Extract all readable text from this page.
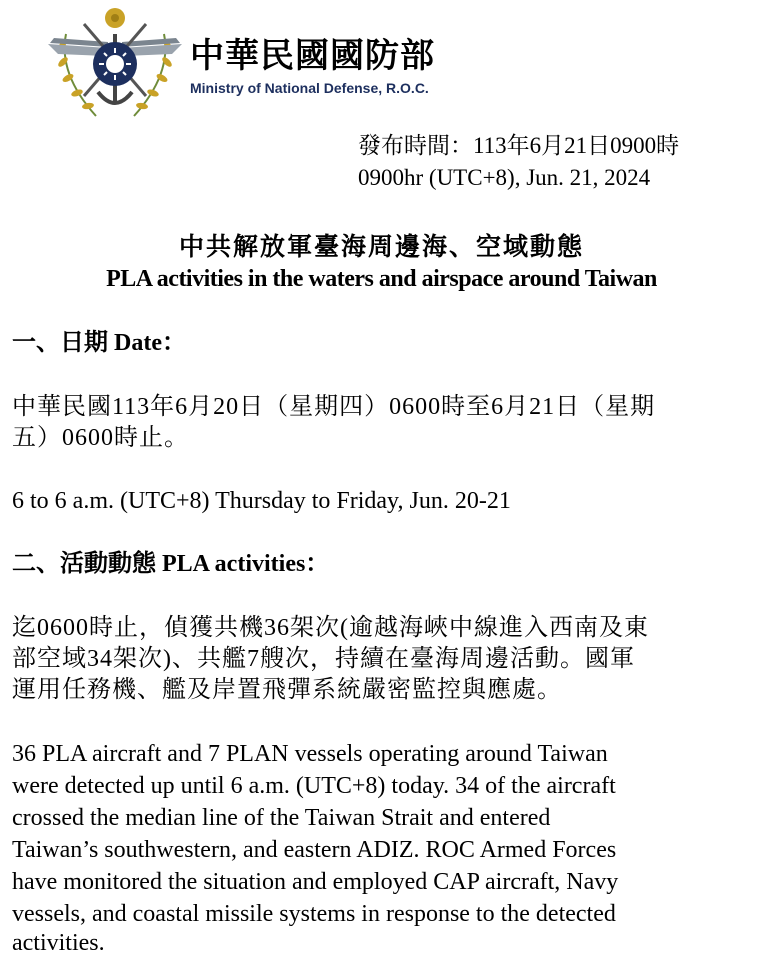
中華民國國防部
Ministry of National Defense, R.O.C.
發布時間：113年6月21日0900時
0900hr (UTC+8), Jun. 21, 2024
中共解放軍臺海周邊海、空域動態
PLA activities in the waters and airspace around Taiwan
一、日期 Date：
中華民國113年6月20日（星期四）0600時至6月21日（星期
五）0600時止。
6 to 6 a.m. (UTC+8) Thursday to Friday, Jun. 20-21
二、活動動態 PLA activities：
迄0600時止，偵獲共機36架次(逾越海峽中線進入西南及東
部空域34架次)、共艦7艘次，持續在臺海周邊活動。國軍
運用任務機、艦及岸置飛彈系統嚴密監控與應處。
36 PLA aircraft and 7 PLAN vessels operating around Taiwan
were detected up until 6 a.m. (UTC+8) today. 34 of the aircraft
crossed the median line of the Taiwan Strait and entered
Taiwan’s southwestern, and eastern ADIZ. ROC Armed Forces
have monitored the situation and employed CAP aircraft, Navy
vessels, and coastal missile systems in response to the detected
activities.
